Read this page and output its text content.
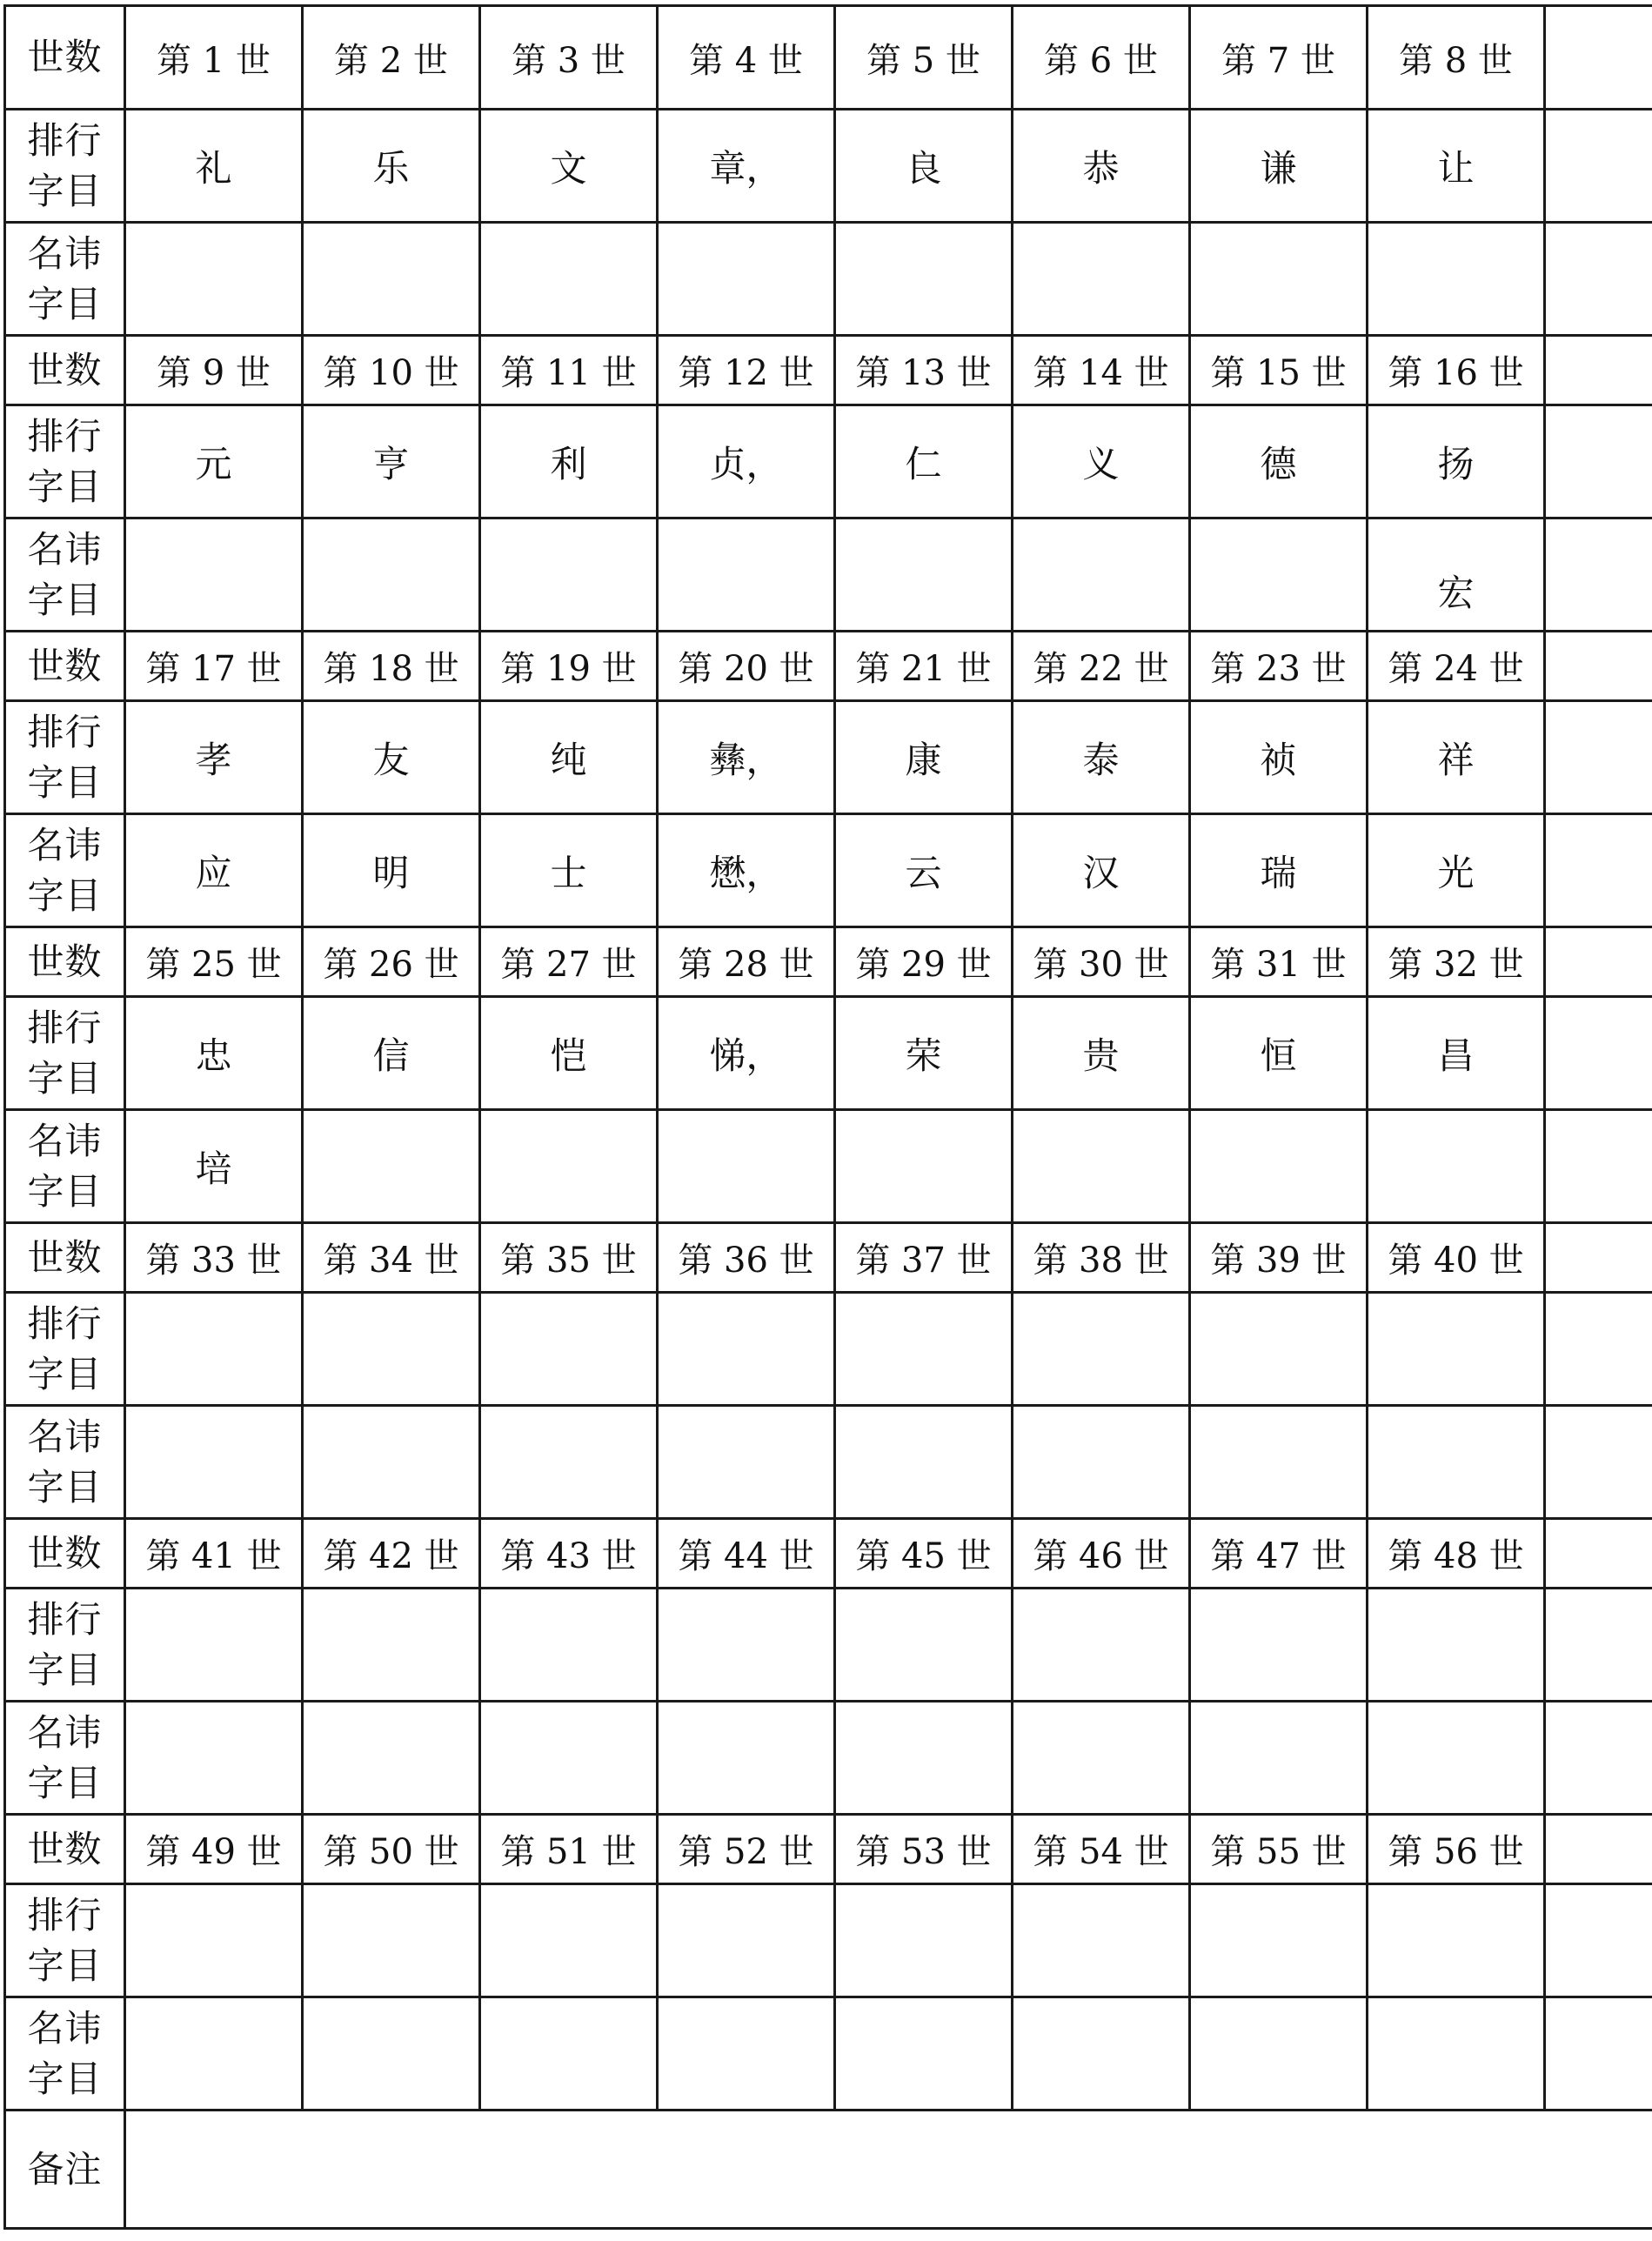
世数	第 1 世	第 2 世	第 3 世	第 4 世	第 5 世	第 6 世	第 7 世	第 8 世	

排行
字目	礼	乐	文	章，	良	恭	谦	让	

名讳
字目									

世数	第 9 世	第 10 世	第 11 世	第 12 世	第 13 世	第 14 世	第 15 世	第 16 世	

排行
字目	元	亨	利	贞，	仁	义	德	扬	

名讳
字目								宏	
世数	第 17 世	第 18 世	第 19 世	第 20 世	第 21 世	第 22 世	第 23 世	第 24 世	

排行
字目	孝	友	纯	彝，	康	泰	祯	祥	

名讳
字目	应	明	士	懋，	云	汉	瑞	光	
世数	第 25 世	第 26 世	第 27 世	第 28 世	第 29 世	第 30 世	第 31 世	第 32 世	

排行
字目	忠	信	恺	悌，	荣	贵	恒	昌	

名讳
字目	培								
世数	第 33 世	第 34 世	第 35 世	第 36 世	第 37 世	第 38 世	第 39 世	第 40 世	

排行
字目									

名讳
字目									

世数	第 41 世	第 42 世	第 43 世	第 44 世	第 45 世	第 46 世	第 47 世	第 48 世	

排行
字目									

名讳
字目									

世数	第 49 世	第 50 世	第 51 世	第 52 世	第 53 世	第 54 世	第 55 世	第 56 世	

排行
字目									

名讳
字目									

备注									
